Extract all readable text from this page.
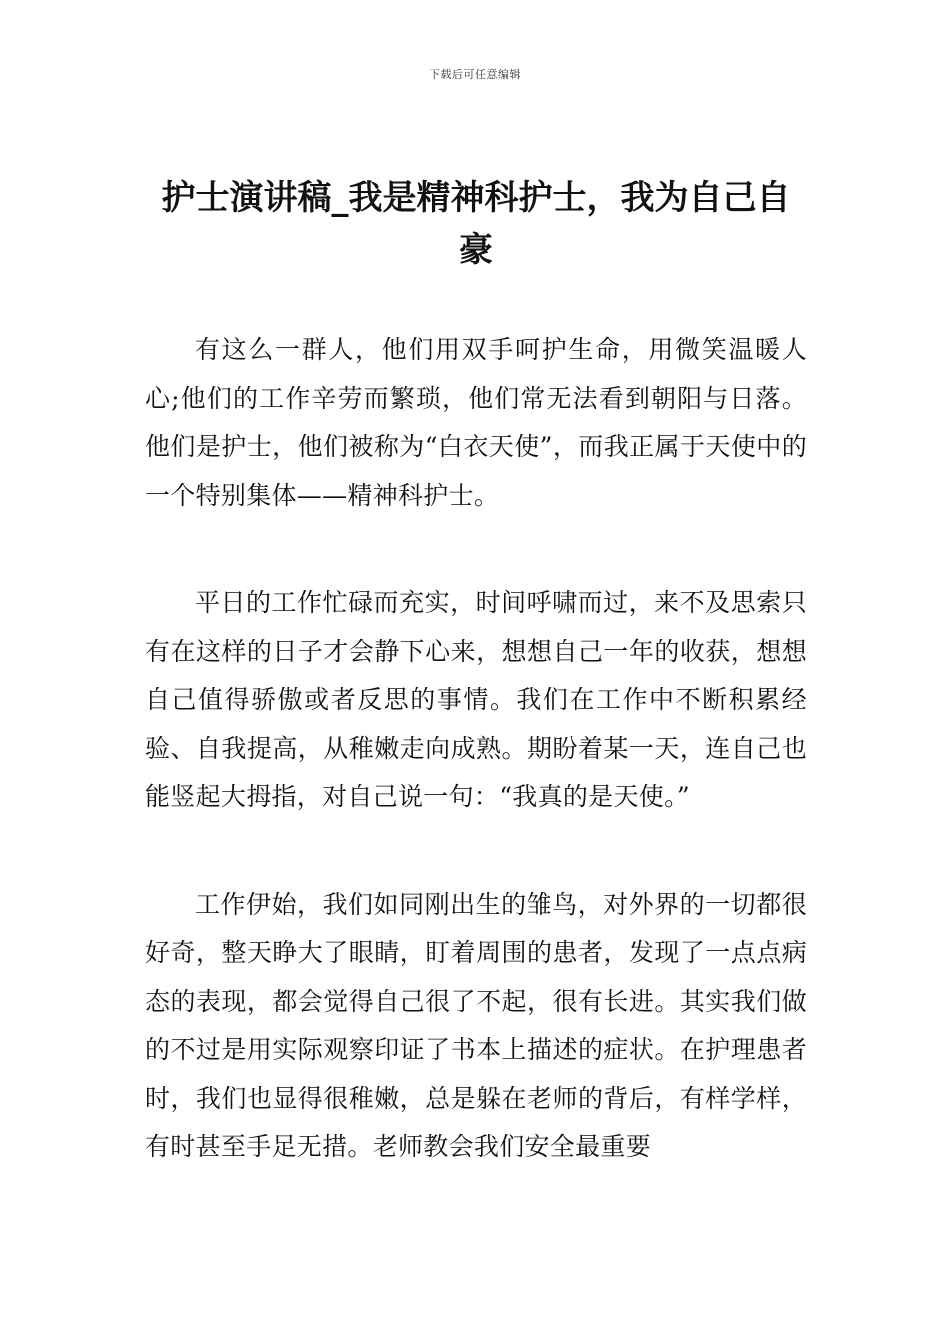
下载后可任意编辑
护士演讲稿_我是精神科护士，我为自己自豪

有这么一群人，他们用双手呵护生命，用微笑温暖人心;他们的工作辛劳而繁琐，他们常无法看到朝阳与日落。他们是护士，他们被称为“白衣天使”，而我正属于天使中的一个特别集体——精神科护士。

平日的工作忙碌而充实，时间呼啸而过，来不及思索只有在这样的日子才会静下心来，想想自己一年的收获，想想自己值得骄傲或者反思的事情。我们在工作中不断积累经验、自我提高，从稚嫩走向成熟。期盼着某一天，连自己也能竖起大拇指，对自己说一句：“我真的是天使。”

工作伊始，我们如同刚出生的雏鸟，对外界的一切都很好奇，整天睁大了眼睛，盯着周围的患者，发现了一点点病态的表现，都会觉得自己很了不起，很有长进。其实我们做的不过是用实际观察印证了书本上描述的症状。在护理患者时，我们也显得很稚嫩，总是躲在老师的背后，有样学样，有时甚至手足无措。老师教会我们安全最重要
